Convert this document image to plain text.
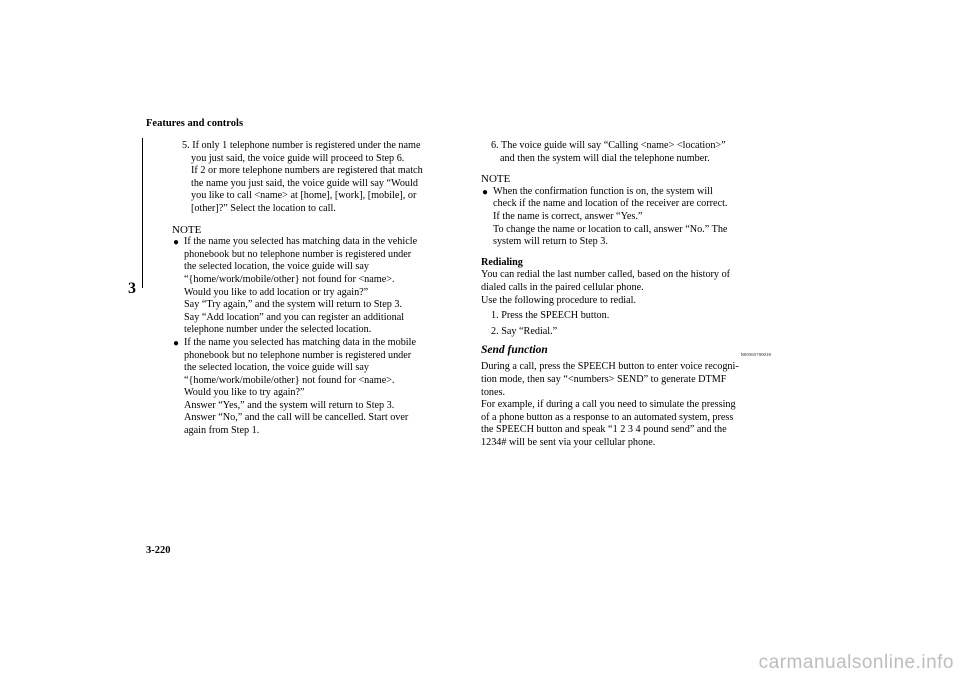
Features and controls
3

5. If only 1 telephone number is registered under the name
you just said, the voice guide will proceed to Step 6.
If 2 or more telephone numbers are registered that match
the name you just said, the voice guide will say “Would
you like to call <name> at [home], [work], [mobile], or
[other]?” Select the location to call.

NOTE

● If the name you selected has matching data in the vehicle
phonebook but no telephone number is registered under
the selected location, the voice guide will say
“{home/work/mobile/other} not found for <name>.
Would you like to add location or try again?”
Say “Try again,” and the system will return to Step 3.
Say “Add location” and you can register an additional
telephone number under the selected location.
● If the name you selected has matching data in the mobile
phonebook but no telephone number is registered under
the selected location, the voice guide will say
“{home/work/mobile/other} not found for <name>.
Would you like to try again?”
Answer “Yes,” and the system will return to Step 3.
Answer “No,” and the call will be cancelled. Start over
again from Step 1.

6. The voice guide will say “Calling <name> <location>”
and then the system will dial the telephone number.

NOTE

● When the confirmation function is on, the system will
check if the name and location of the receiver are correct.
If the name is correct, answer “Yes.”
To change the name or location to call, answer “No.” The
system will return to Step 3.

Redialing

You can redial the last number called, based on the history of
dialed calls in the paired cellular phone.
Use the following procedure to redial.

1. Press the SPEECH button.

2. Say “Redial.”

Send function	N00565700018

During a call, press the SPEECH button to enter voice recogni-
tion mode, then say “<numbers> SEND” to generate DTMF
tones.
For example, if during a call you need to simulate the pressing
of a phone button as a response to an automated system, press
the SPEECH button and speak “1 2 3 4 pound send” and the
1234# will be sent via your cellular phone.

3-220
carmanualsonline.info
